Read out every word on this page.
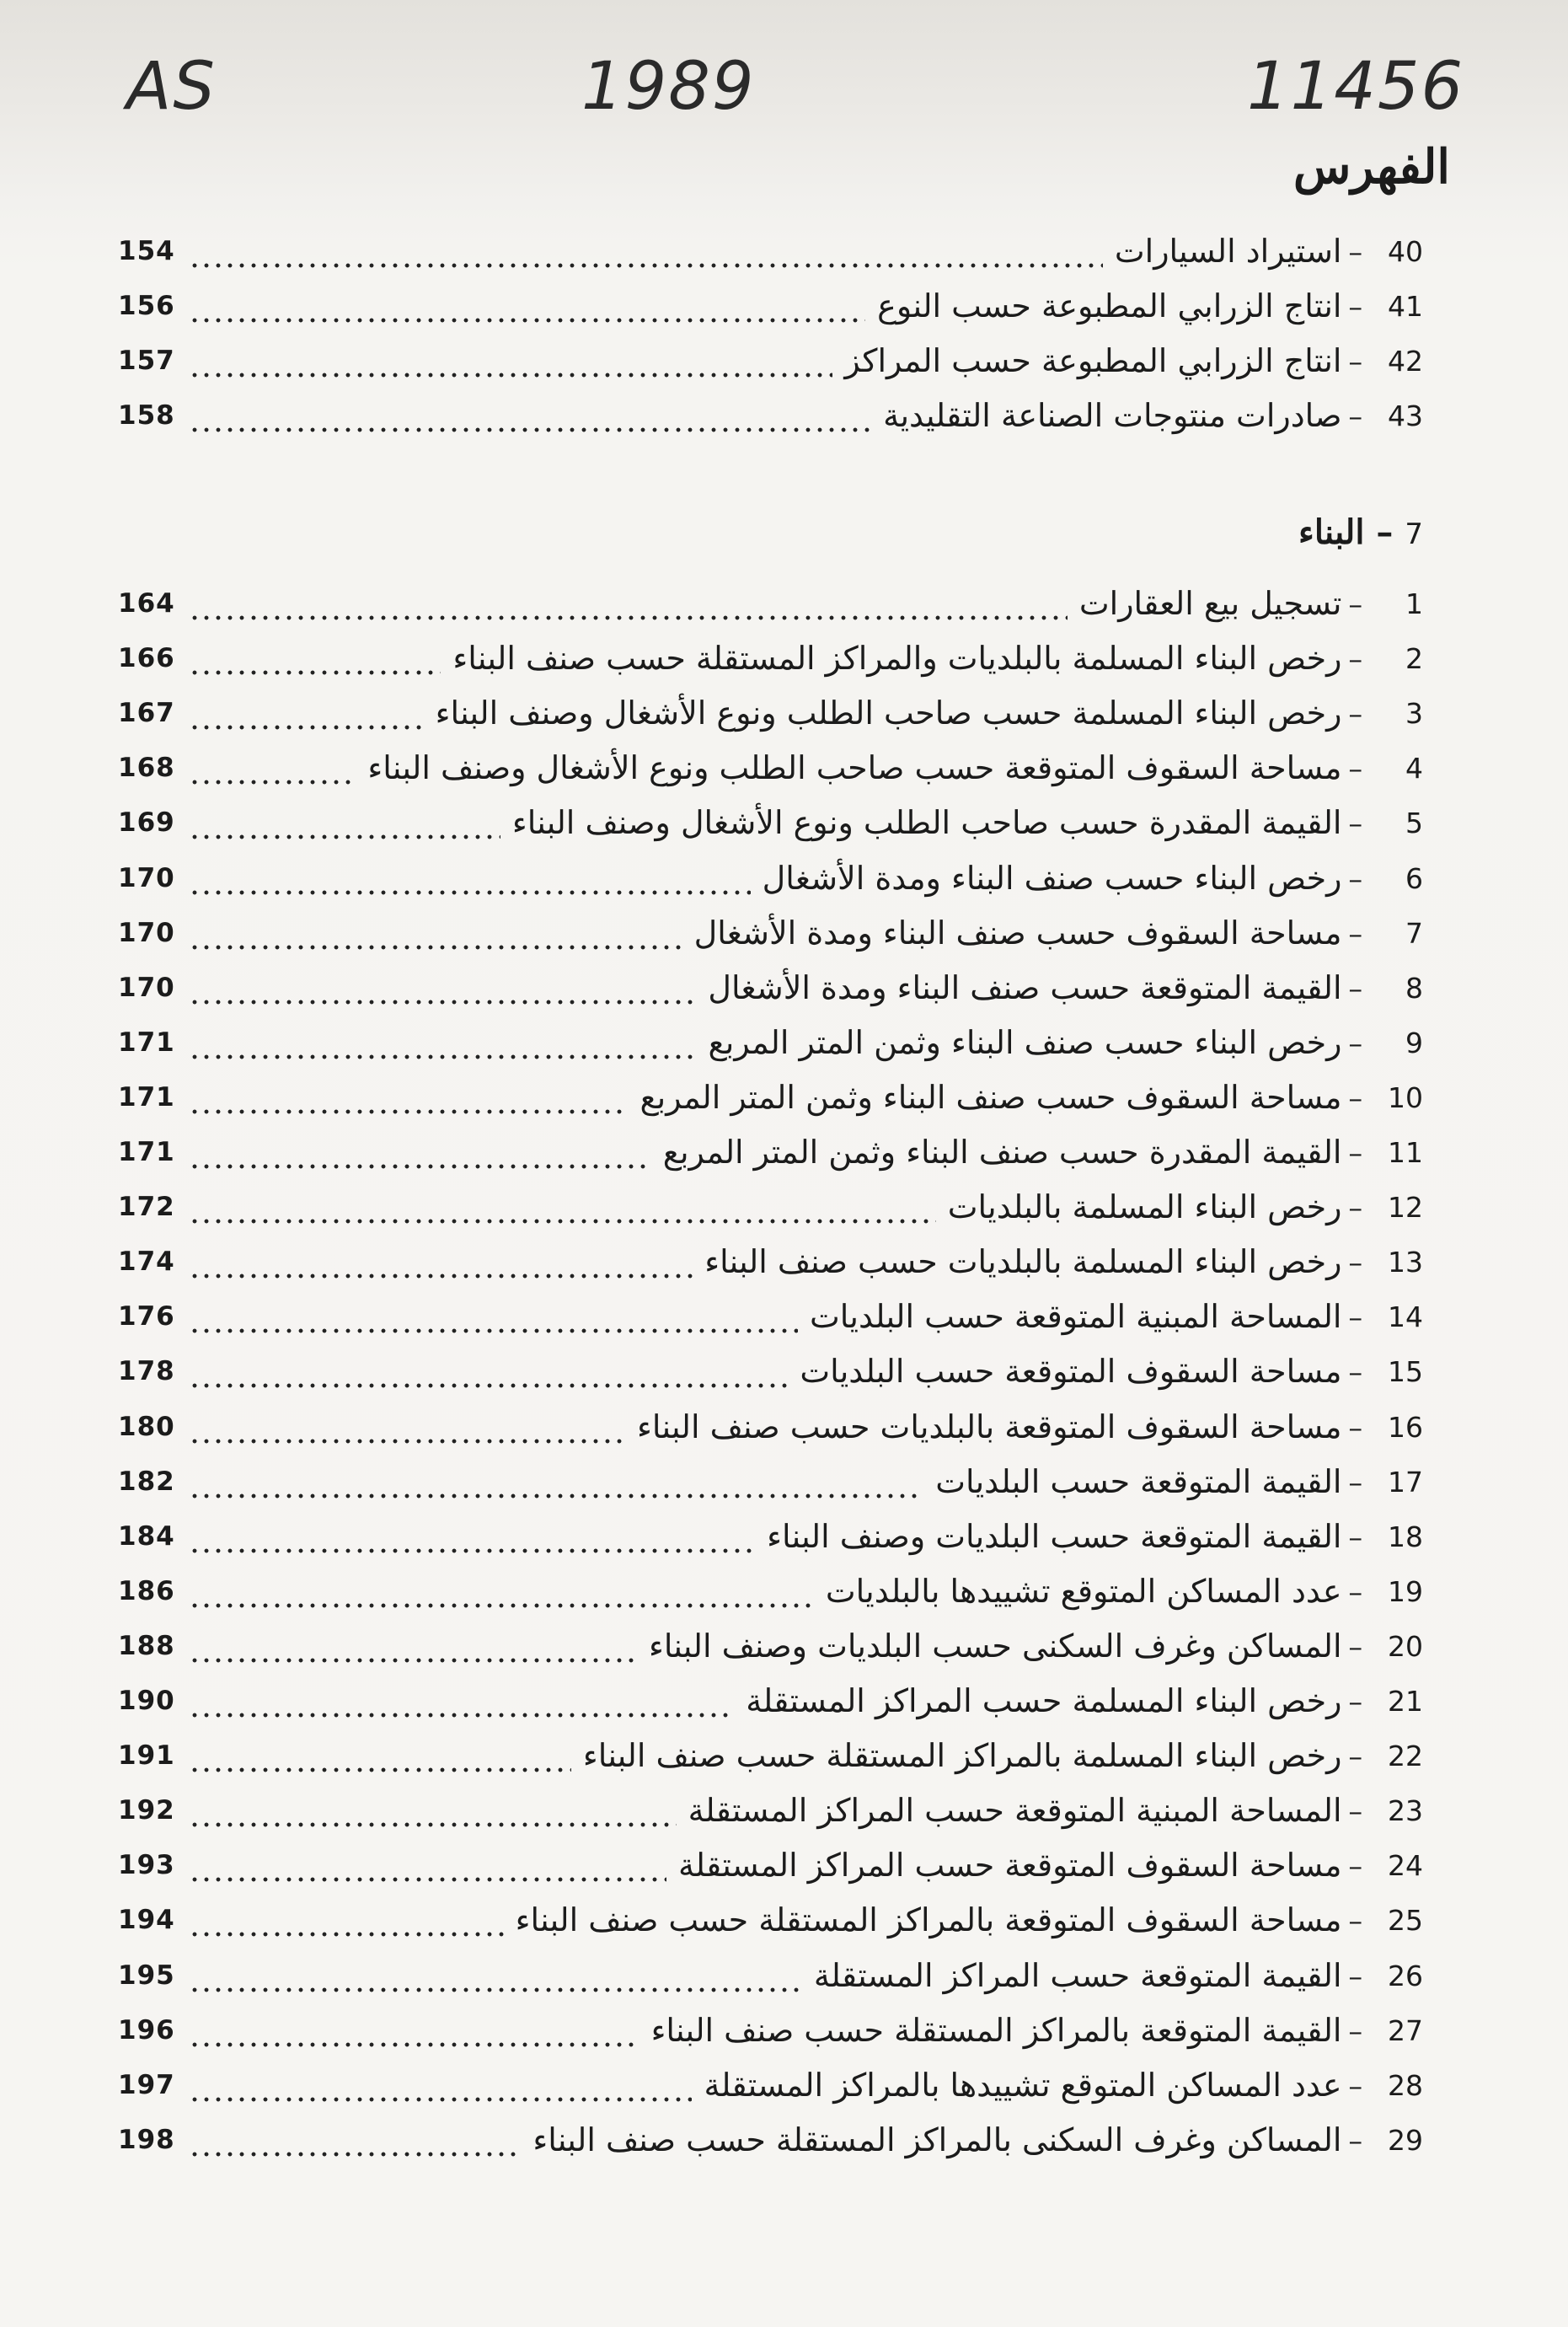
AS	1989	11456
الفهرس
7 – البناء
40
–
استيراد السيارات
154
41
–
انتاج الزرابي المطبوعة حسب النوع
156
42
–
انتاج الزرابي المطبوعة حسب المراكز
157
43
–
صادرات منتوجات الصناعة التقليدية
158
1
–
تسجيل بيع العقارات
164
2
–
رخص البناء المسلمة بالبلديات والمراكز المستقلة حسب صنف البناء
166
3
–
رخص البناء المسلمة حسب صاحب الطلب ونوع الأشغال وصنف البناء
167
4
–
مساحة السقوف المتوقعة حسب صاحب الطلب ونوع الأشغال وصنف البناء
168
5
–
القيمة المقدرة حسب صاحب الطلب ونوع الأشغال وصنف البناء
169
6
–
رخص البناء حسب صنف البناء ومدة الأشغال
170
7
–
مساحة السقوف حسب صنف البناء ومدة الأشغال
170
8
–
القيمة المتوقعة حسب صنف البناء ومدة الأشغال
170
9
–
رخص البناء حسب صنف البناء وثمن المتر المربع
171
10
–
مساحة السقوف حسب صنف البناء وثمن المتر المربع
171
11
–
القيمة المقدرة حسب صنف البناء وثمن المتر المربع
171
12
–
رخص البناء المسلمة بالبلديات
172
13
–
رخص البناء المسلمة بالبلديات حسب صنف البناء
174
14
–
المساحة المبنية المتوقعة حسب البلديات
176
15
–
مساحة السقوف المتوقعة حسب البلديات
178
16
–
مساحة السقوف المتوقعة بالبلديات حسب صنف البناء
180
17
–
القيمة المتوقعة حسب البلديات
182
18
–
القيمة المتوقعة حسب البلديات وصنف البناء
184
19
–
عدد المساكن المتوقع تشييدها بالبلديات
186
20
–
المساكن وغرف السكنى حسب البلديات وصنف البناء
188
21
–
رخص البناء المسلمة حسب المراكز المستقلة
190
22
–
رخص البناء المسلمة بالمراكز المستقلة حسب صنف البناء
191
23
–
المساحة المبنية المتوقعة حسب المراكز المستقلة
192
24
–
مساحة السقوف المتوقعة حسب المراكز المستقلة
193
25
–
مساحة السقوف المتوقعة بالمراكز المستقلة حسب صنف البناء
194
26
–
القيمة المتوقعة حسب المراكز المستقلة
195
27
–
القيمة المتوقعة بالمراكز المستقلة حسب صنف البناء
196
28
–
عدد المساكن المتوقع تشييدها بالمراكز المستقلة
197
29
–
المساكن وغرف السكنى بالمراكز المستقلة حسب صنف البناء
198
